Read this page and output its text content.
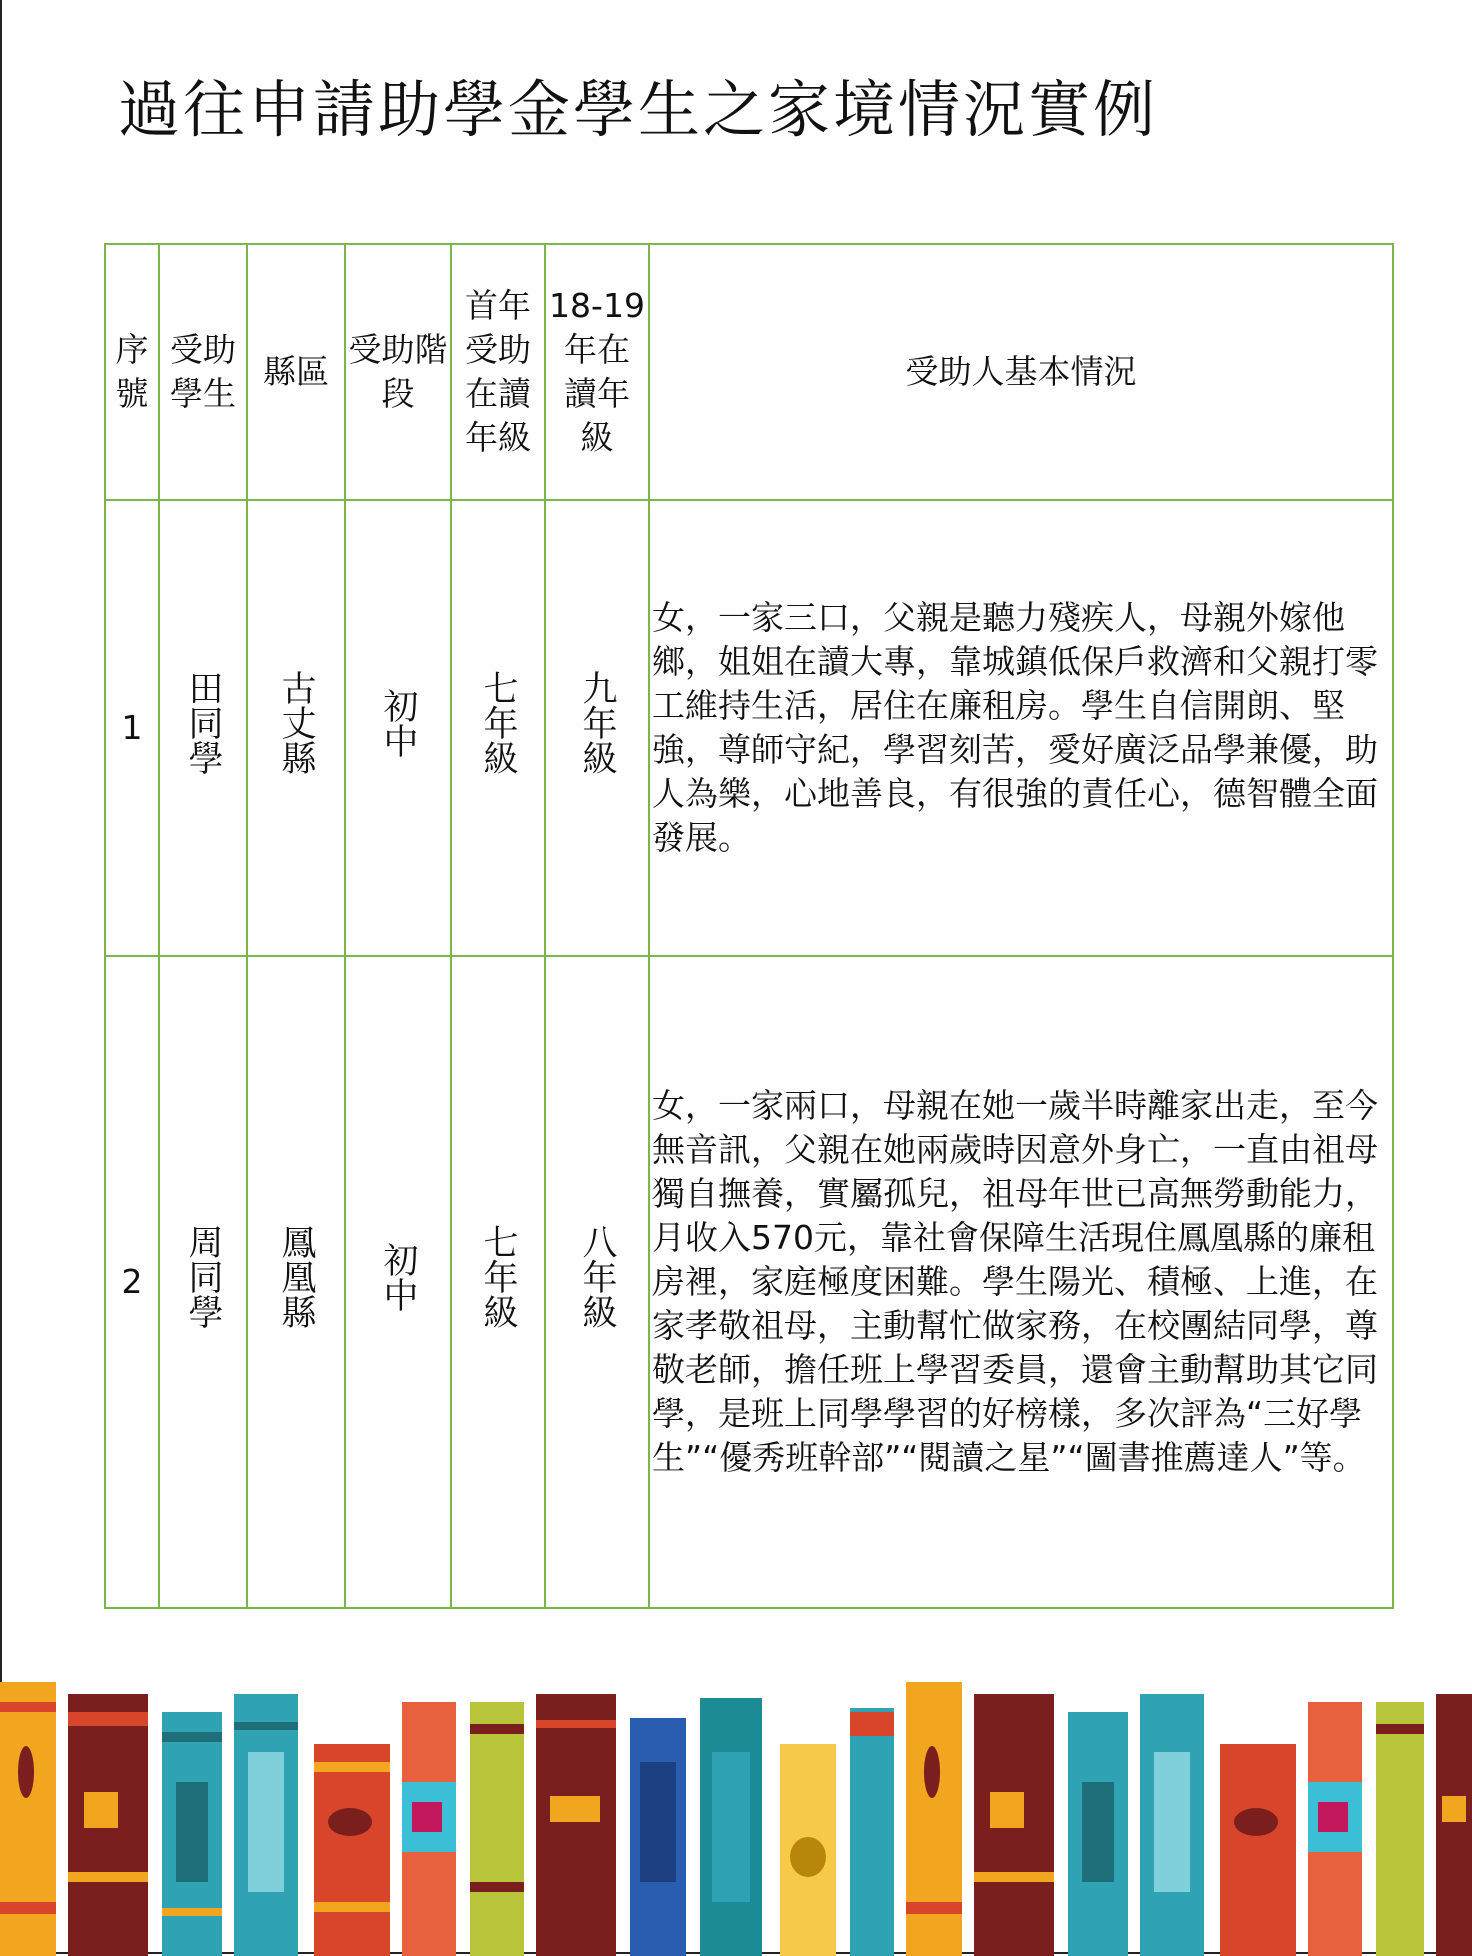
過往申請助學金學生之家境情況實例
序號	受助學生	縣區	受助階段	首年受助在讀年級	18-19年在讀年級	受助人基本情況
1	田同學	古丈縣	初中	七年級	九年級	女，一家三口，父親是聽力殘疾人，母親外嫁他鄉，姐姐在讀大專，靠城鎮低保戶救濟和父親打零工維持生活，居住在廉租房。學生自信開朗、堅強，尊師守紀，學習刻苦，愛好廣泛品學兼優，助人為樂，心地善良，有很強的責任心，德智體全面發展。
2	周同學	鳳凰縣	初中	七年級	八年級	女，一家兩口，母親在她一歲半時離家出走，至今無音訊，父親在她兩歲時因意外身亡，一直由祖母獨自撫養，實屬孤兒，祖母年世已高無勞動能力，月收入570元，靠社會保障生活現住鳳凰縣的廉租房裡，家庭極度困難。學生陽光、積極、上進，在家孝敬祖母，主動幫忙做家務，在校團結同學，尊敬老師，擔任班上學習委員，還會主動幫助其它同學，是班上同學學習的好榜樣，多次評為“三好學生”“優秀班幹部”“閱讀之星”“圖書推薦達人”等。
